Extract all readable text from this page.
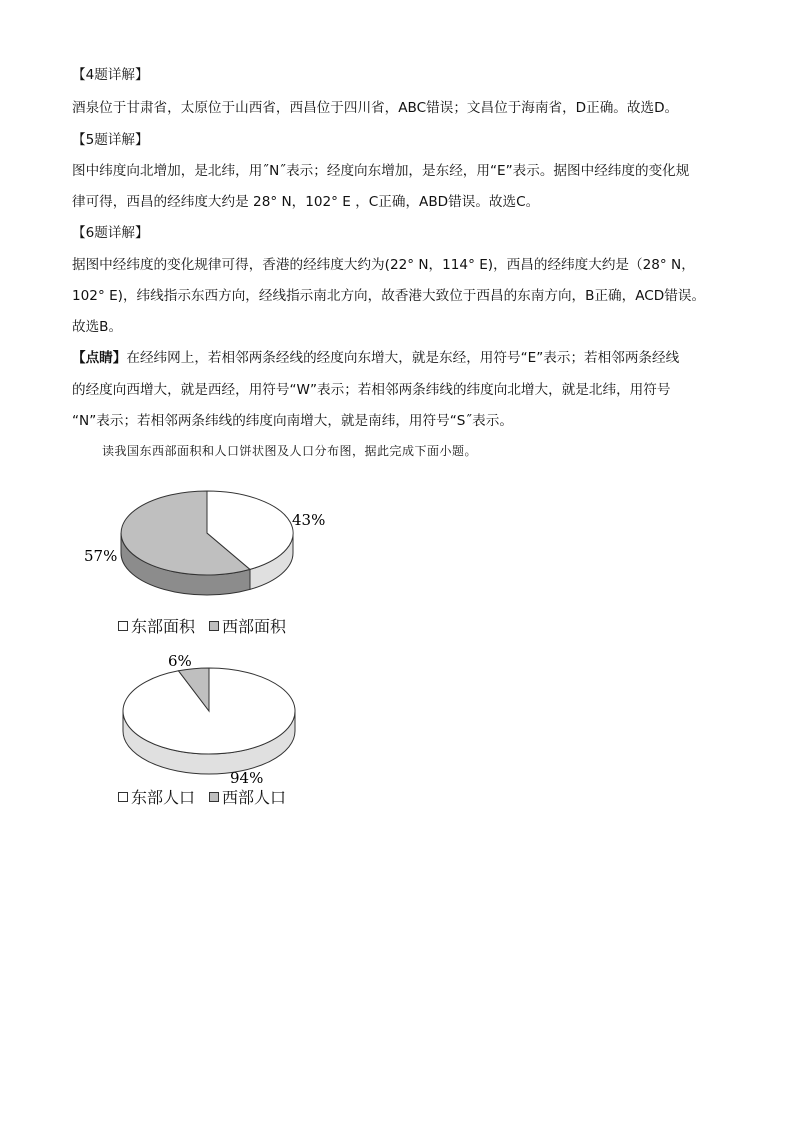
【4题详解】
酒泉位于甘肃省，太原位于山西省，西昌位于四川省，ABC错误；文昌位于海南省，D正确。故选D。
【5题详解】
图中纬度向北增加，是北纬，用˝N˝表示；经度向东增加，是东经，用“E”表示。据图中经纬度的变化规
律可得，西昌的经纬度大约是 28° N，102° E ，C正确，ABD错误。故选C。
【6题详解】
据图中经纬度的变化规律可得，香港的经纬度大约为(22° N，114° E)，西昌的经纬度大约是（28° N，
102° E)，纬线指示东西方向，经线指示南北方向，故香港大致位于西昌的东南方向，B正确，ACD错误。
故选B。
【点睛】在经纬网上，若相邻两条经线的经度向东增大，就是东经，用符号“E”表示；若相邻两条经线
的经度向西增大，就是西经，用符号“W”表示；若相邻两条纬线的纬度向北增大，就是北纬，用符号
“N”表示；若相邻两条纬线的纬度向南增大，就是南纬，用符号“S˝表示。
读我国东西部面积和人口饼状图及人口分布图，据此完成下面小题。
43%
57%
东部面积 西部面积
6%
94%
东部人口 西部人口
